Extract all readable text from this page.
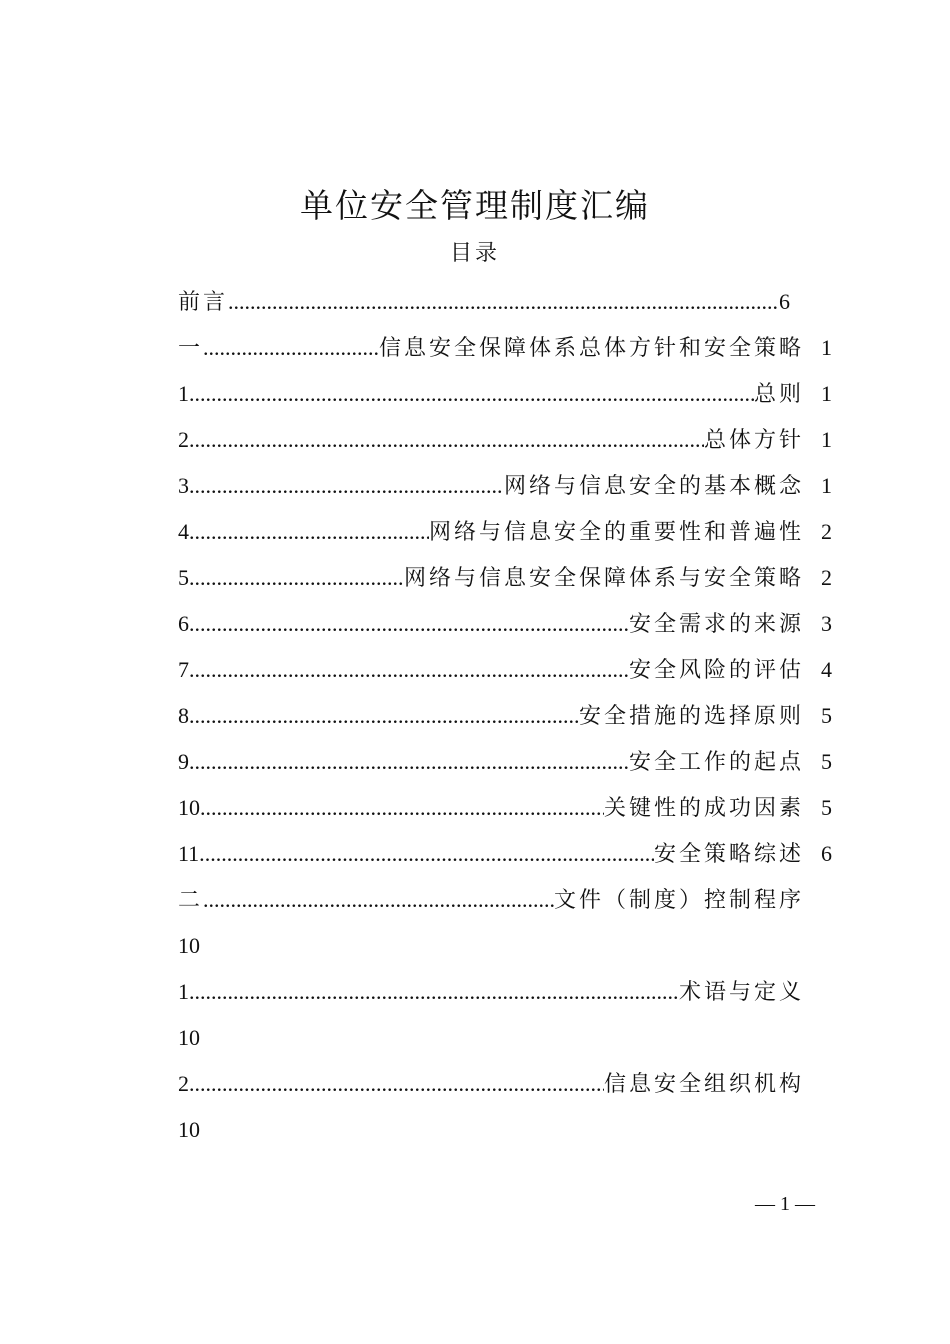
单位安全管理制度汇编
目录
前言 .....	6
一 .....	信息安全保障体系总体方针和安全策略 1
1. .....	总则 1
2. .....	总体方针 1
3. .....	网络与信息安全的基本概念 1
4. .....	网络与信息安全的重要性和普遍性 2
5. .....	网络与信息安全保障体系与安全策略 2
6. .....	安全需求的来源 3
7. .....	安全风险的评估 4
8. .....	安全措施的选择原则 5
9. .....	安全工作的起点 5
10. .....	关键性的成功因素 5
11. .....	安全策略综述 6
二 .....	文件（制度）控制程序
10
1. .....	术语与定义
10
2. .....	信息安全组织机构
10
— 1 —
